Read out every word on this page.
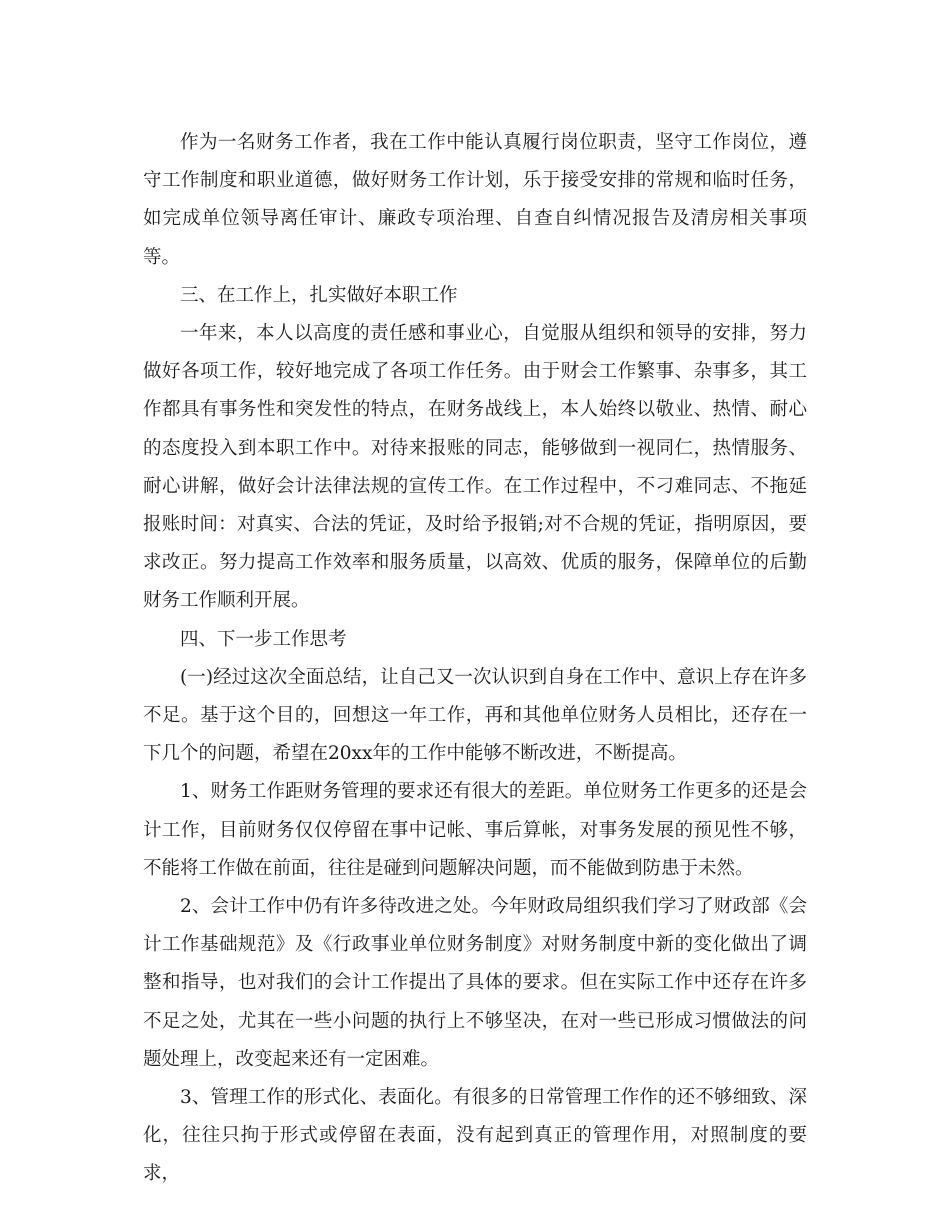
作为一名财务工作者，我在工作中能认真履行岗位职责，坚守工作岗位，遵守工作制度和职业道德，做好财务工作计划，乐于接受安排的常规和临时任务，如完成单位领导离任审计、廉政专项治理、自查自纠情况报告及清房相关事项等。

三、在工作上，扎实做好本职工作

一年来，本人以高度的责任感和事业心，自觉服从组织和领导的安排，努力做好各项工作，较好地完成了各项工作任务。由于财会工作繁事、杂事多，其工作都具有事务性和突发性的特点，在财务战线上，本人始终以敬业、热情、耐心的态度投入到本职工作中。对待来报账的同志，能够做到一视同仁，热情服务、耐心讲解，做好会计法律法规的宣传工作。在工作过程中，不刁难同志、不拖延报账时间：对真实、合法的凭证，及时给予报销;对不合规的凭证，指明原因，要求改正。努力提高工作效率和服务质量，以高效、优质的服务，保障单位的后勤财务工作顺利开展。

四、下一步工作思考

(一)经过这次全面总结，让自己又一次认识到自身在工作中、意识上存在许多不足。基于这个目的，回想这一年工作，再和其他单位财务人员相比，还存在一下几个的问题，希望在20xx年的工作中能够不断改进，不断提高。

1、财务工作距财务管理的要求还有很大的差距。单位财务工作更多的还是会计工作，目前财务仅仅停留在事中记帐、事后算帐，对事务发展的预见性不够，不能将工作做在前面，往往是碰到问题解决问题，而不能做到防患于未然。

2、会计工作中仍有许多待改进之处。今年财政局组织我们学习了财政部《会计工作基础规范》及《行政事业单位财务制度》对财务制度中新的变化做出了调整和指导，也对我们的会计工作提出了具体的要求。但在实际工作中还存在许多不足之处，尤其在一些小问题的执行上不够坚决，在对一些已形成习惯做法的问题处理上，改变起来还有一定困难。

3、管理工作的形式化、表面化。有很多的日常管理工作作的还不够细致、深化，往往只拘于形式或停留在表面，没有起到真正的管理作用，对照制度的要求，
